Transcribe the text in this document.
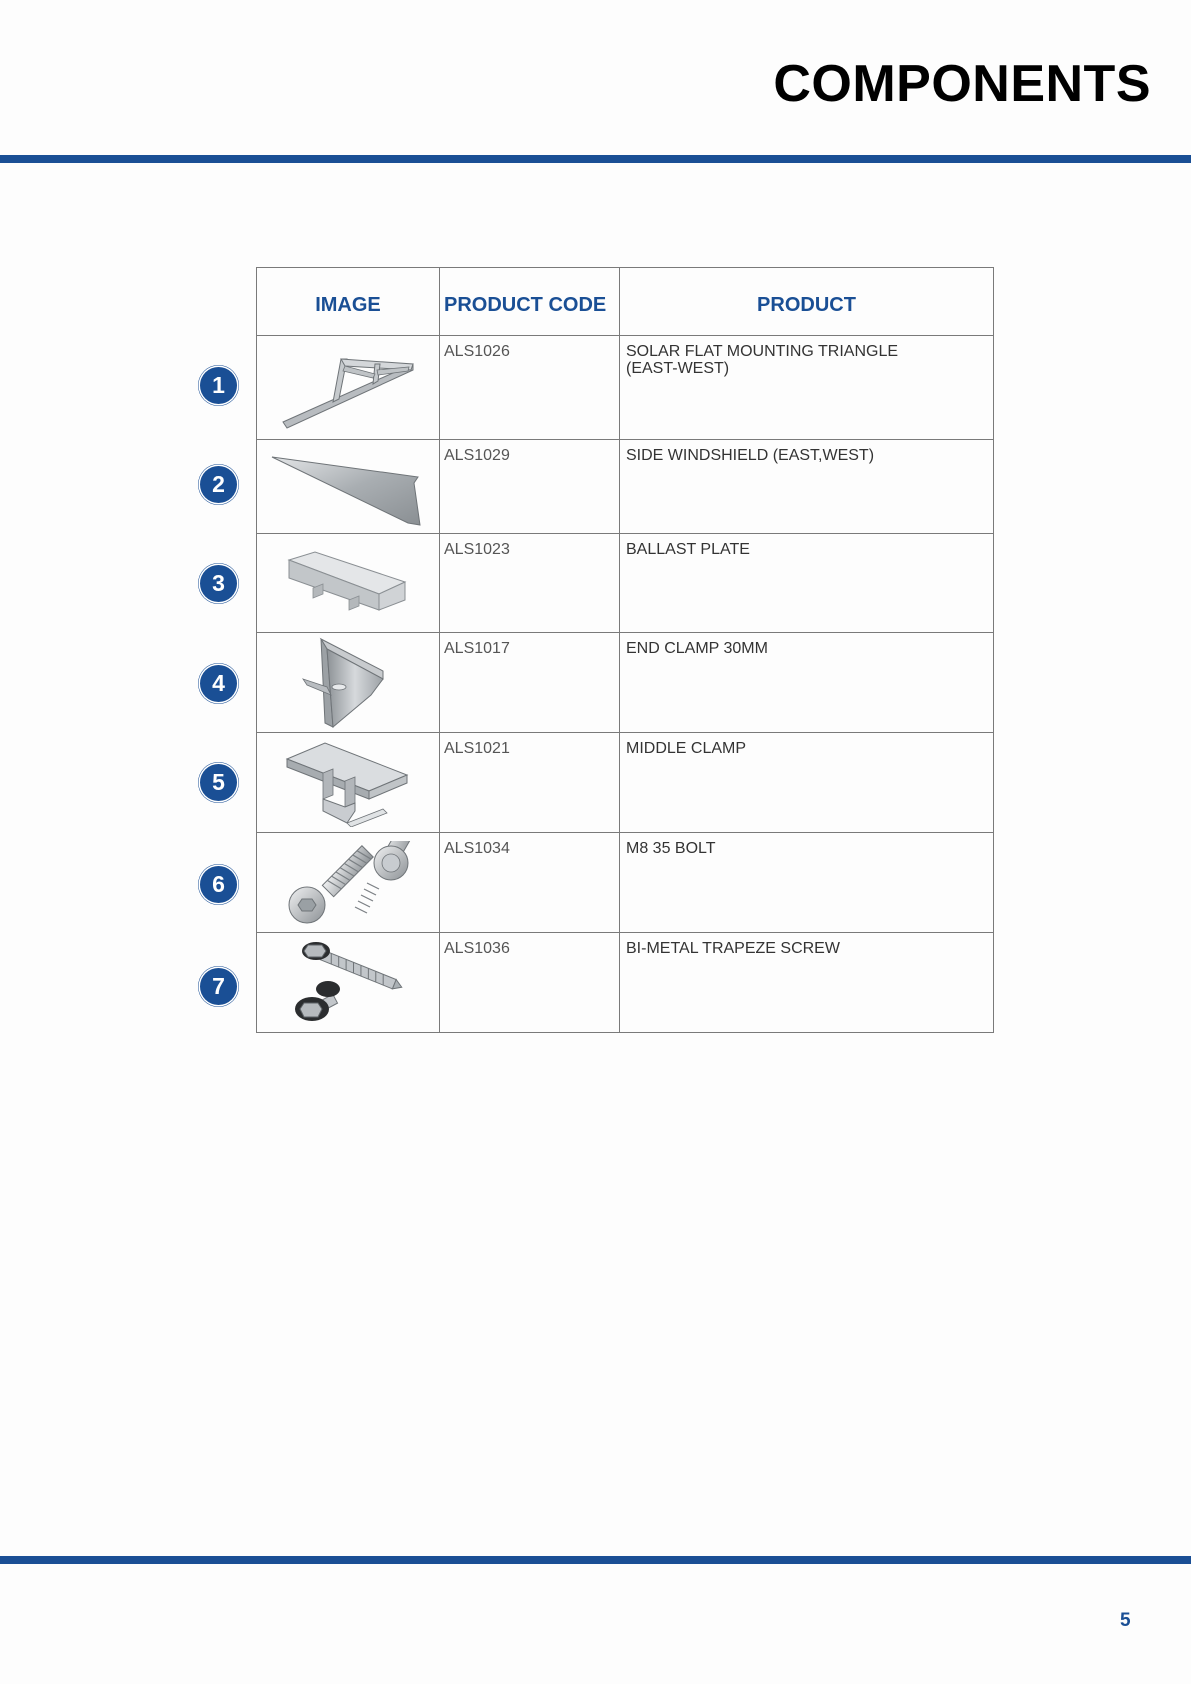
COMPONENTS
IMAGE	PRODUCT CODE	PRODUCT

	ALS1026	SOLAR FLAT MOUNTING TRIANGLE
(EAST-WEST)

	ALS1029	SIDE WINDSHIELD (EAST,WEST)

	ALS1023	BALLAST PLATE

	ALS1017	END CLAMP 30MM

	ALS1021	MIDDLE CLAMP

	ALS1034	M8 35 BOLT

	ALS1036	BI-METAL TRAPEZE SCREW
1
2
3
4
5
6
7
5
